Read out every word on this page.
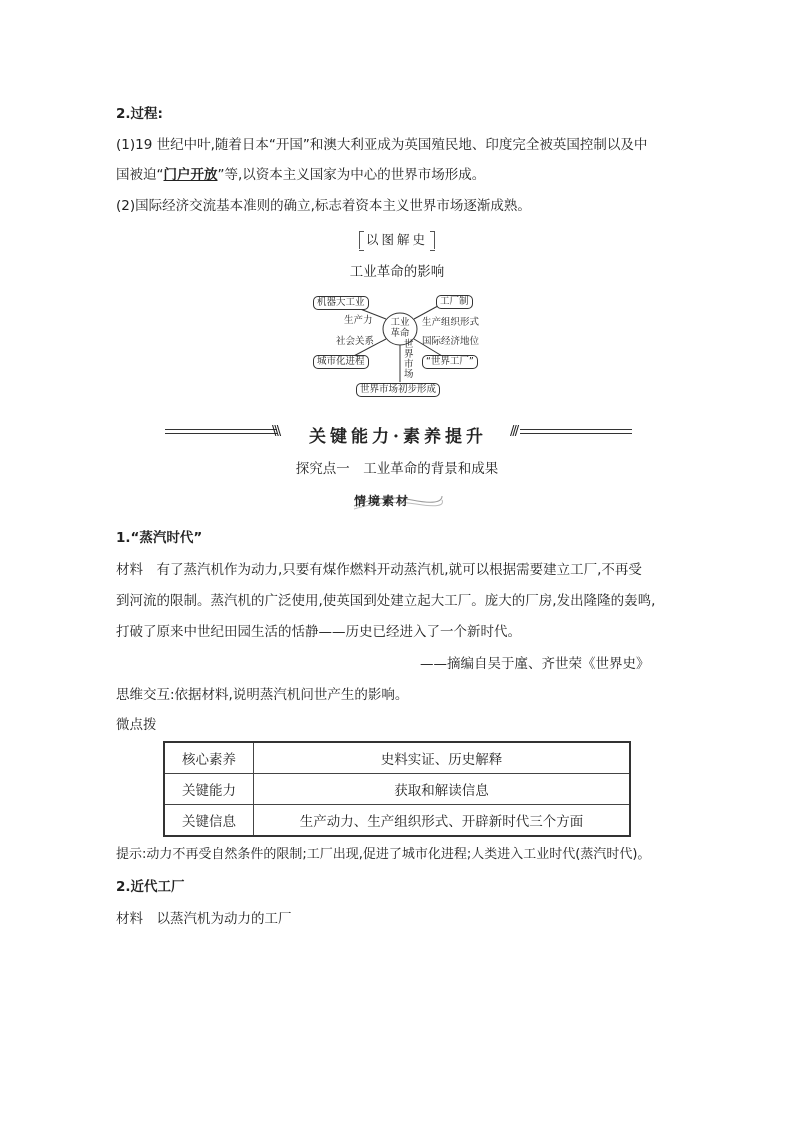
2.过程:
(1)19 世纪中叶,随着日本“开国”和澳大利亚成为英国殖民地、印度完全被英国控制以及中
国被迫“门户开放”等,以资本主义国家为中心的世界市场形成。
(2)国际经济交流基本准则的确立,标志着资本主义世界市场逐渐成熟。
以图解史
工业革命的影响
工业革命
机器大工业	工厂制
城市化进程	“世界工厂”
世界市场初步形成
生产力
社会关系
生产组织形式
国际经济地位
世界市场
\\\	关键能力·素养提升	///
探究点一　工业革命的背景和成果
情境素材
1.“蒸汽时代”
材料　有了蒸汽机作为动力,只要有煤作燃料开动蒸汽机,就可以根据需要建立工厂,不再受
到河流的限制。蒸汽机的广泛使用,使英国到处建立起大工厂。庞大的厂房,发出隆隆的轰鸣,
打破了原来中世纪田园生活的恬静——历史已经进入了一个新时代。
——摘编自吴于廑、齐世荣《世界史》
思维交互:依据材料,说明蒸汽机问世产生的影响。
微点拨
核心素养	史料实证、历史解释
关键能力	获取和解读信息
关键信息	生产动力、生产组织形式、开辟新时代三个方面
提示:动力不再受自然条件的限制;工厂出现,促进了城市化进程;人类进入工业时代(蒸汽时代)。
2.近代工厂
材料　以蒸汽机为动力的工厂
